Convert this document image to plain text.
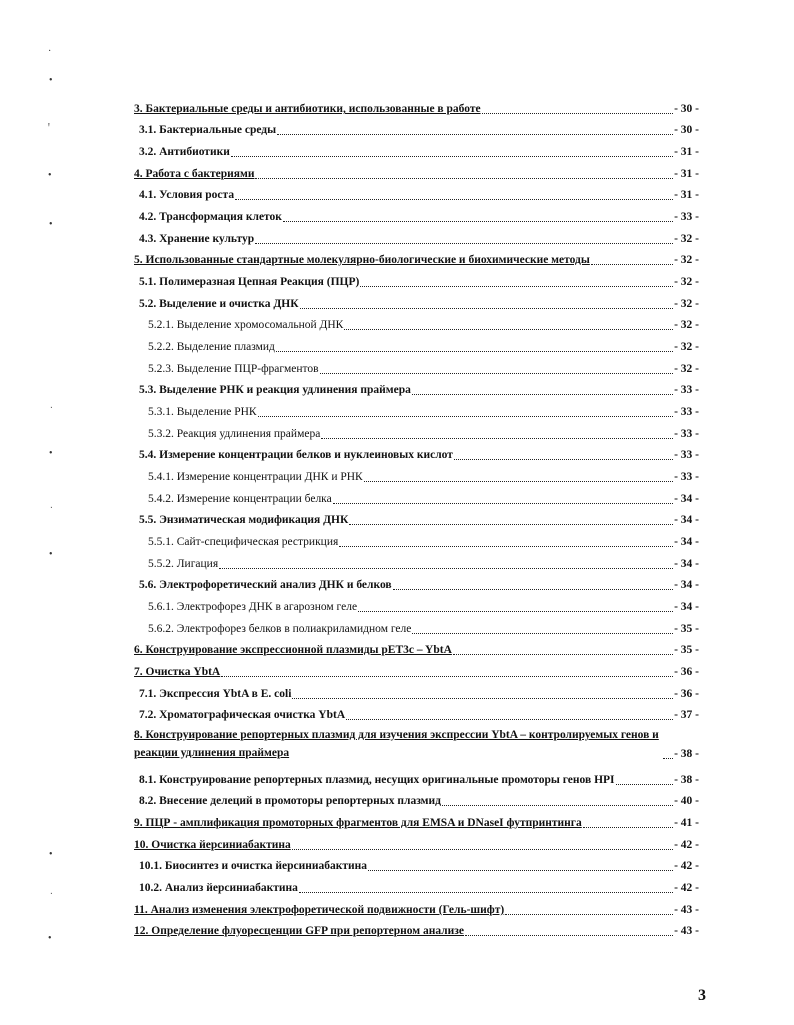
3. Бактериальные среды и антибиотики, использованные в работе	- 30 -
3.1. Бактериальные среды	- 30 -
3.2. Антибиотики	- 31 -
4. Работа с бактериями	- 31 -
4.1. Условия роста	- 31 -
4.2. Трансформация клеток	- 33 -
4.3. Хранение культур	- 32 -
5. Использованные стандартные молекулярно-биологические и биохимические методы	- 32 -
5.1. Полимеразная Цепная Реакция (ПЦР)	- 32 -
5.2. Выделение и очистка ДНК	- 32 -
5.2.1. Выделение хромосомальной ДНК	- 32 -
5.2.2. Выделение плазмид	- 32 -
5.2.3. Выделение ПЦР-фрагментов	- 32 -
5.3. Выделение РНК и реакция удлинения праймера	- 33 -
5.3.1. Выделение РНК	- 33 -
5.3.2. Реакция удлинения праймера	- 33 -
5.4. Измерение концентрации белков и нуклеиновых кислот	- 33 -
5.4.1. Измерение концентрации ДНК и РНК	- 33 -
5.4.2. Измерение концентрации белка	- 34 -
5.5. Энзиматическая модификация ДНК	- 34 -
5.5.1. Сайт-специфическая рестрикция	- 34 -
5.5.2. Лигация	- 34 -
5.6. Электрофоретический анализ ДНК и белков	- 34 -
5.6.1. Электрофорез ДНК в агарозном геле	- 34 -
5.6.2. Электрофорез белков в полиакриламидном геле	- 35 -
6. Конструирование экспрессионной плазмиды pET3c – YbtA	- 35 -
7. Очистка YbtA	- 36 -
7.1. Экспрессия YbtA в E. coli	- 36 -
7.2. Хроматографическая очистка YbtA	- 37 -
8. Конструирование репортерных плазмид для изучения экспрессии YbtA – контролируемых генов и реакции удлинения праймера	- 38 -
8.1. Конструирование репортерных плазмид, несущих оригинальные промоторы генов HPI	- 38 -
8.2. Внесение делеций в промоторы репортерных плазмид	- 40 -
9. ПЦР - амплификация промоторных фрагментов для EMSA и DNaseI футпринтинга	- 41 -
10. Очистка йерсиниабактина	- 42 -
10.1. Биосинтез и очистка йерсиниабактина	- 42 -
10.2. Анализ йерсиниабактина	- 42 -
11. Анализ изменения электрофоретической подвижности (Гель-шифт)	- 43 -
12. Определение флуоресценции GFP при репортерном анализе	- 43 -
3
·
•
ꞌ
•
•
ˑ
•
ˑ
•
•
ˑ
•
